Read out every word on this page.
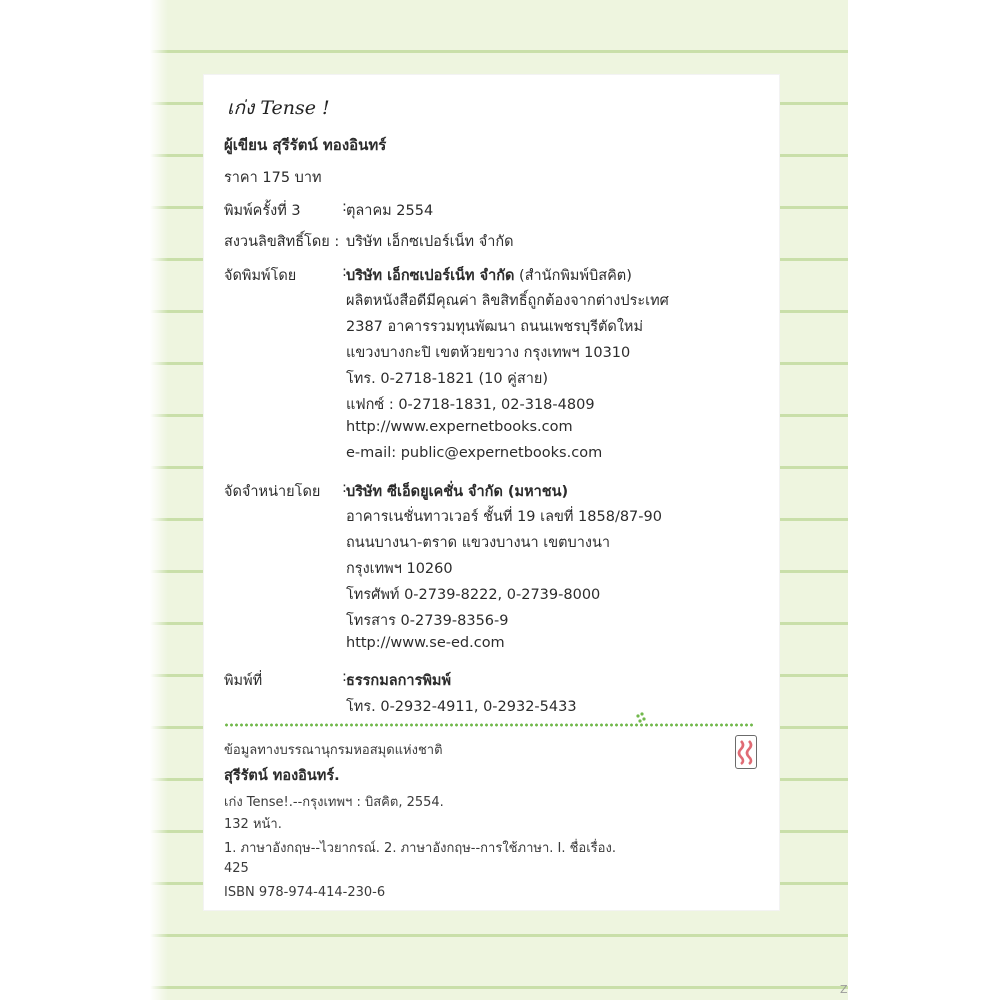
เก่ง Tense !
ผู้เขียน สุรีรัตน์ ทองอินทร์
ราคา 175 บาท
พิมพ์ครั้งที่ 3	: ตุลาคม 2554
สงวนลิขสิทธิ์โดย : บริษัท เอ็กซเปอร์เน็ท จำกัด
จัดพิมพ์โดย	: บริษัท เอ็กซเปอร์เน็ท จำกัด (สำนักพิมพ์บิสคิต)
ผลิตหนังสือดีมีคุณค่า ลิขสิทธิ์ถูกต้องจากต่างประเทศ
2387 อาคารรวมทุนพัฒนา ถนนเพชรบุรีตัดใหม่
แขวงบางกะปิ เขตห้วยขวาง กรุงเทพฯ 10310
โทร. 0-2718-1821 (10 คู่สาย)
แฟกซ์ : 0-2718-1831, 02-318-4809
http://www.expernetbooks.com
e-mail: public@expernetbooks.com
จัดจำหน่ายโดย : บริษัท ซีเอ็ดยูเคชั่น จำกัด (มหาชน)
อาคารเนชั่นทาวเวอร์ ชั้นที่ 19 เลขที่ 1858/87-90
ถนนบางนา-ตราด แขวงบางนา เขตบางนา
กรุงเทพฯ 10260
โทรศัพท์ 0-2739-8222, 0-2739-8000
โทรสาร 0-2739-8356-9
http://www.se-ed.com
พิมพ์ที่	: ธรรกมลการพิมพ์
โทร. 0-2932-4911, 0-2932-5433
ข้อมูลทางบรรณานุกรมหอสมุดแห่งชาติ
สุรีรัตน์ ทองอินทร์.
เก่ง Tense!.--กรุงเทพฯ : บิสคิต, 2554.
132 หน้า.
1. ภาษาอังกฤษ--ไวยากรณ์. 2. ภาษาอังกฤษ--การใช้ภาษา. I. ชื่อเรื่อง.
425
ISBN 978-974-414-230-6
Z
